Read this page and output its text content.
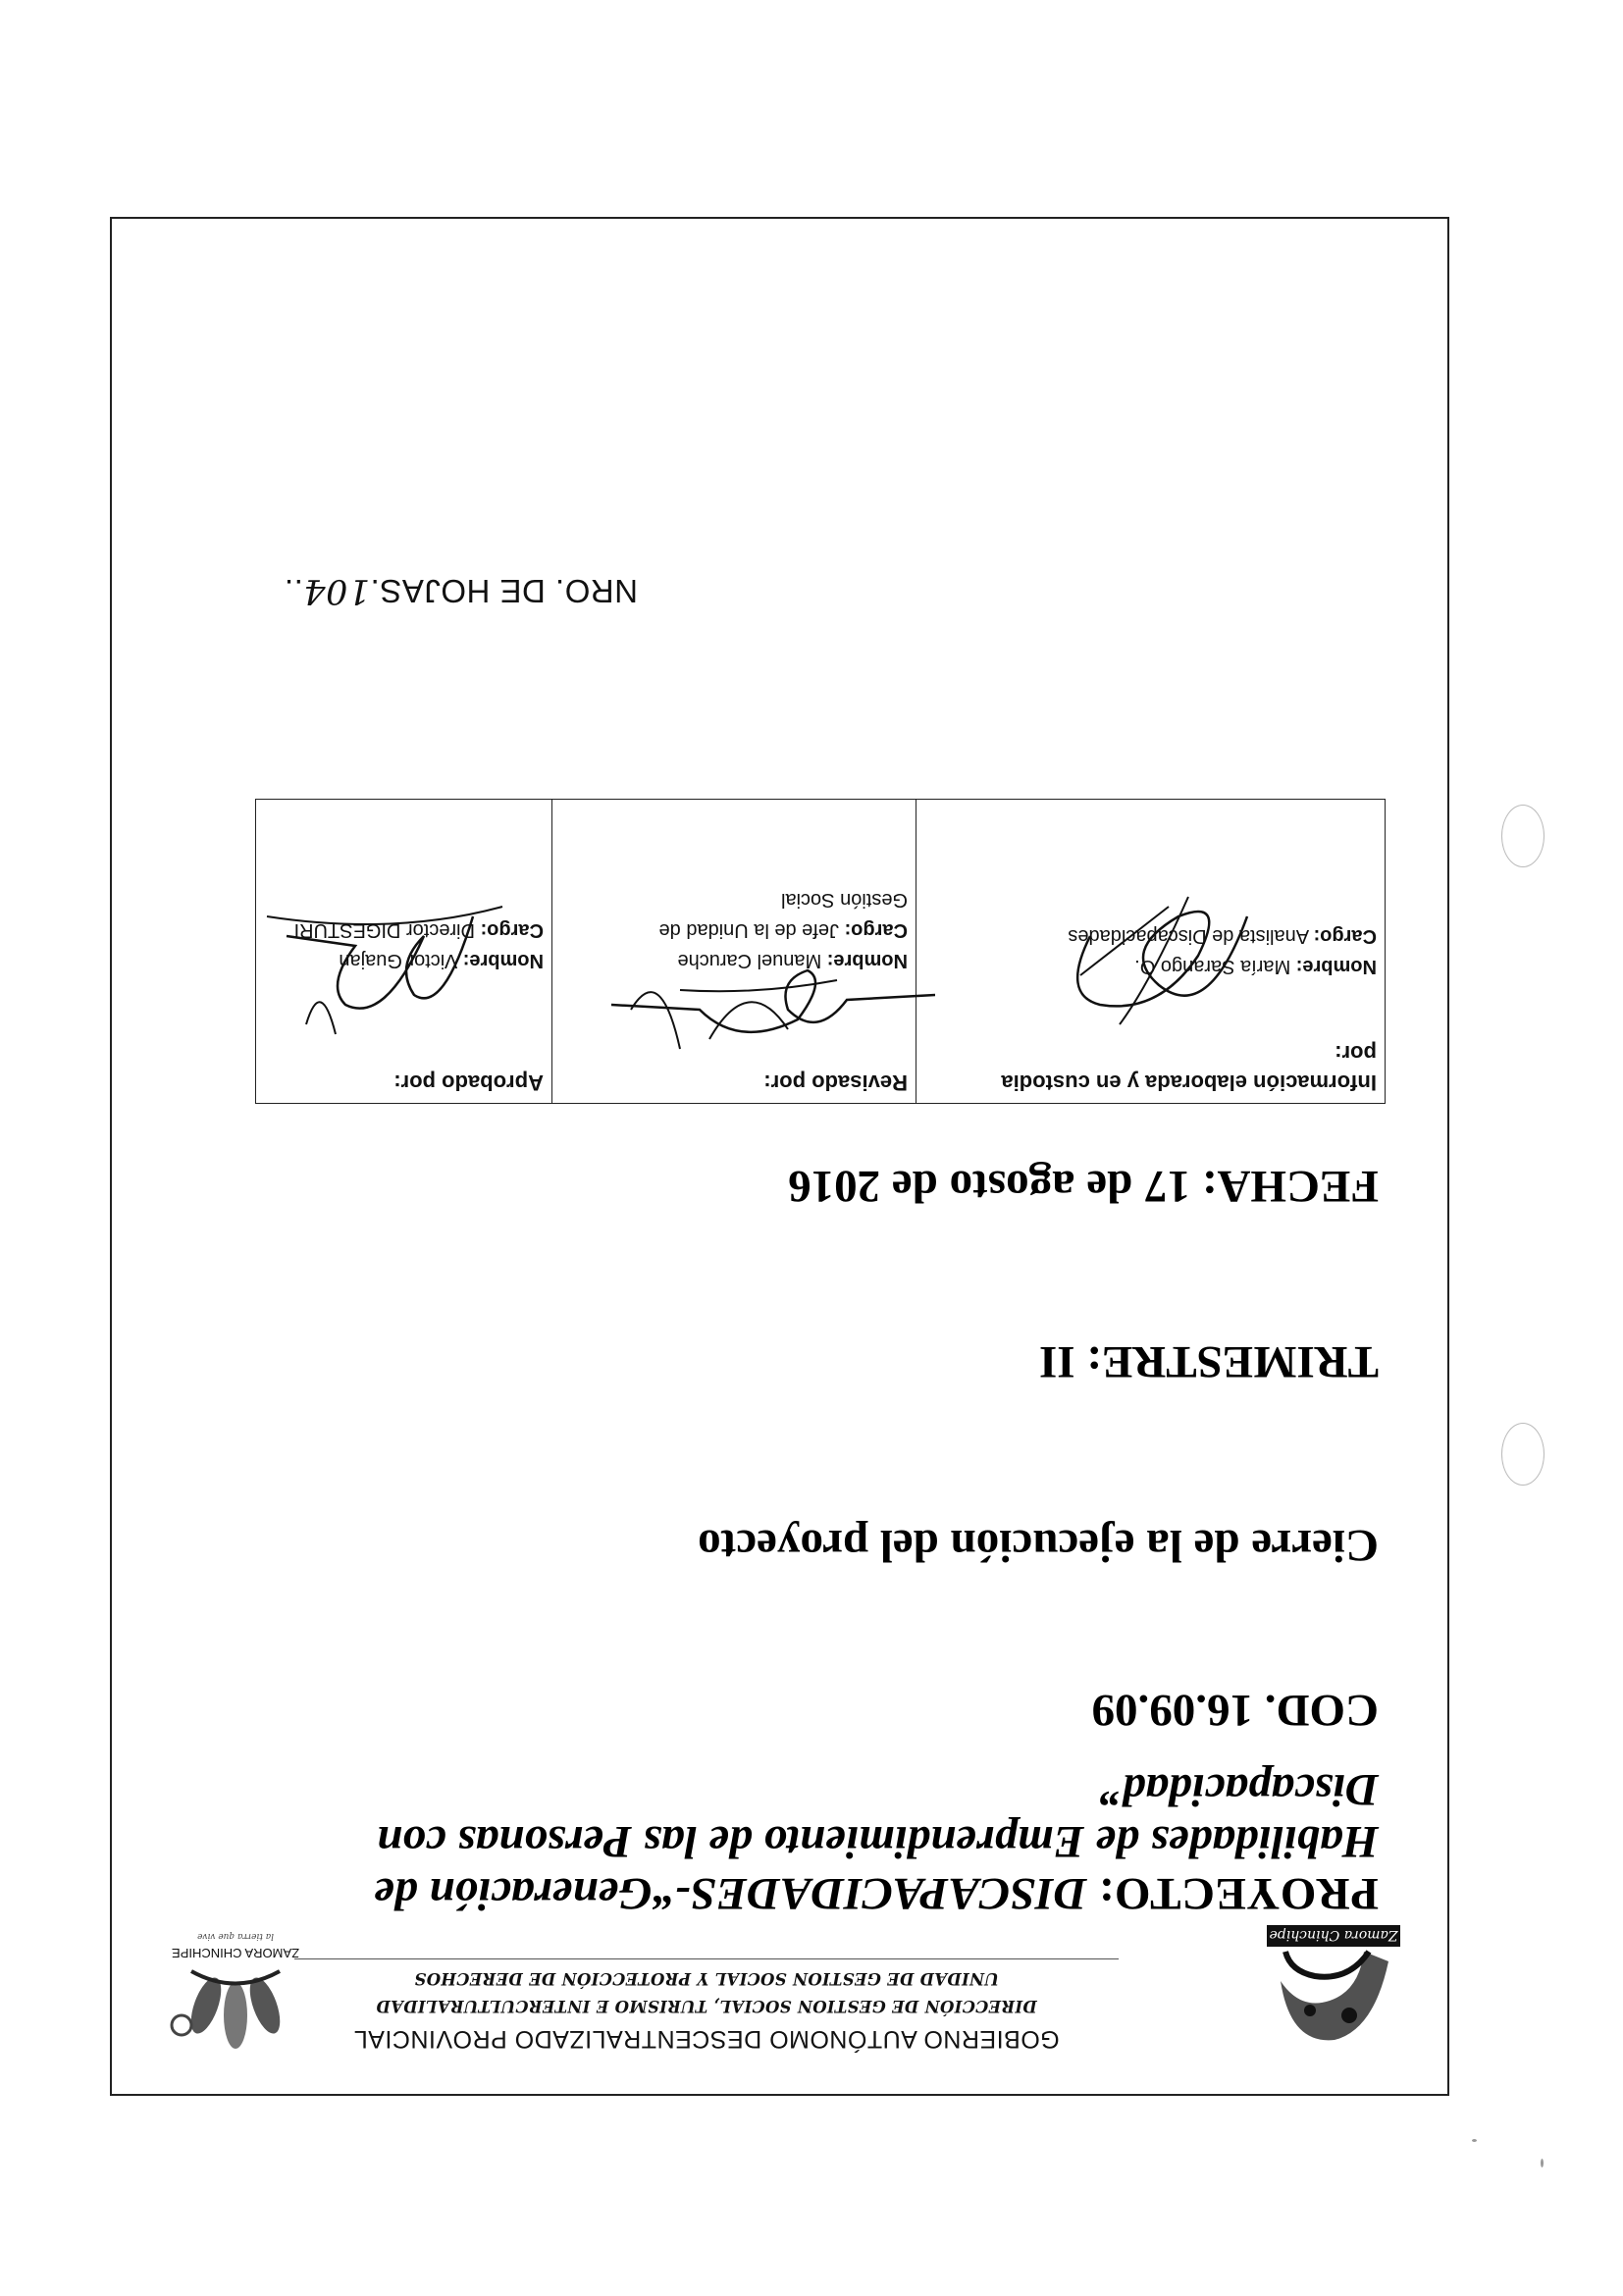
Zamora Chinchipe
ZAMORA CHINCHIPE
la tierra que vive
GOBIERNO AUTÓNOMO DESCENTRALIZADO PROVINCIAL
DIRECCIÓN DE GESTION SOCIAL, TURISMO E INTERCULTURALIDAD
UNIDAD DE GESTION SOCIAL Y PROTECCIÓN DE DERECHOS
PROYECTO: DISCAPACIDADES-“Generación de Habilidades de Emprendimiento de las Personas con Discapacidad”
COD. 16.09.09
Cierre de la ejecución del proyecto
TRIMESTRE: II
FECHA: 17 de agosto de 2016
Información elaborada y en custodia
por:
Nombre: María Sarango O.
Cargo: Analista de Discapacidades

Revisado por:
Nombre: Manuel Caruche
Cargo: Jefe de la Unidad de
Gestión Social

Aprobado por:
Nombre: Victor Guajan
Cargo: Director DIGESTURI
NRO. DE HOJAS.104..
